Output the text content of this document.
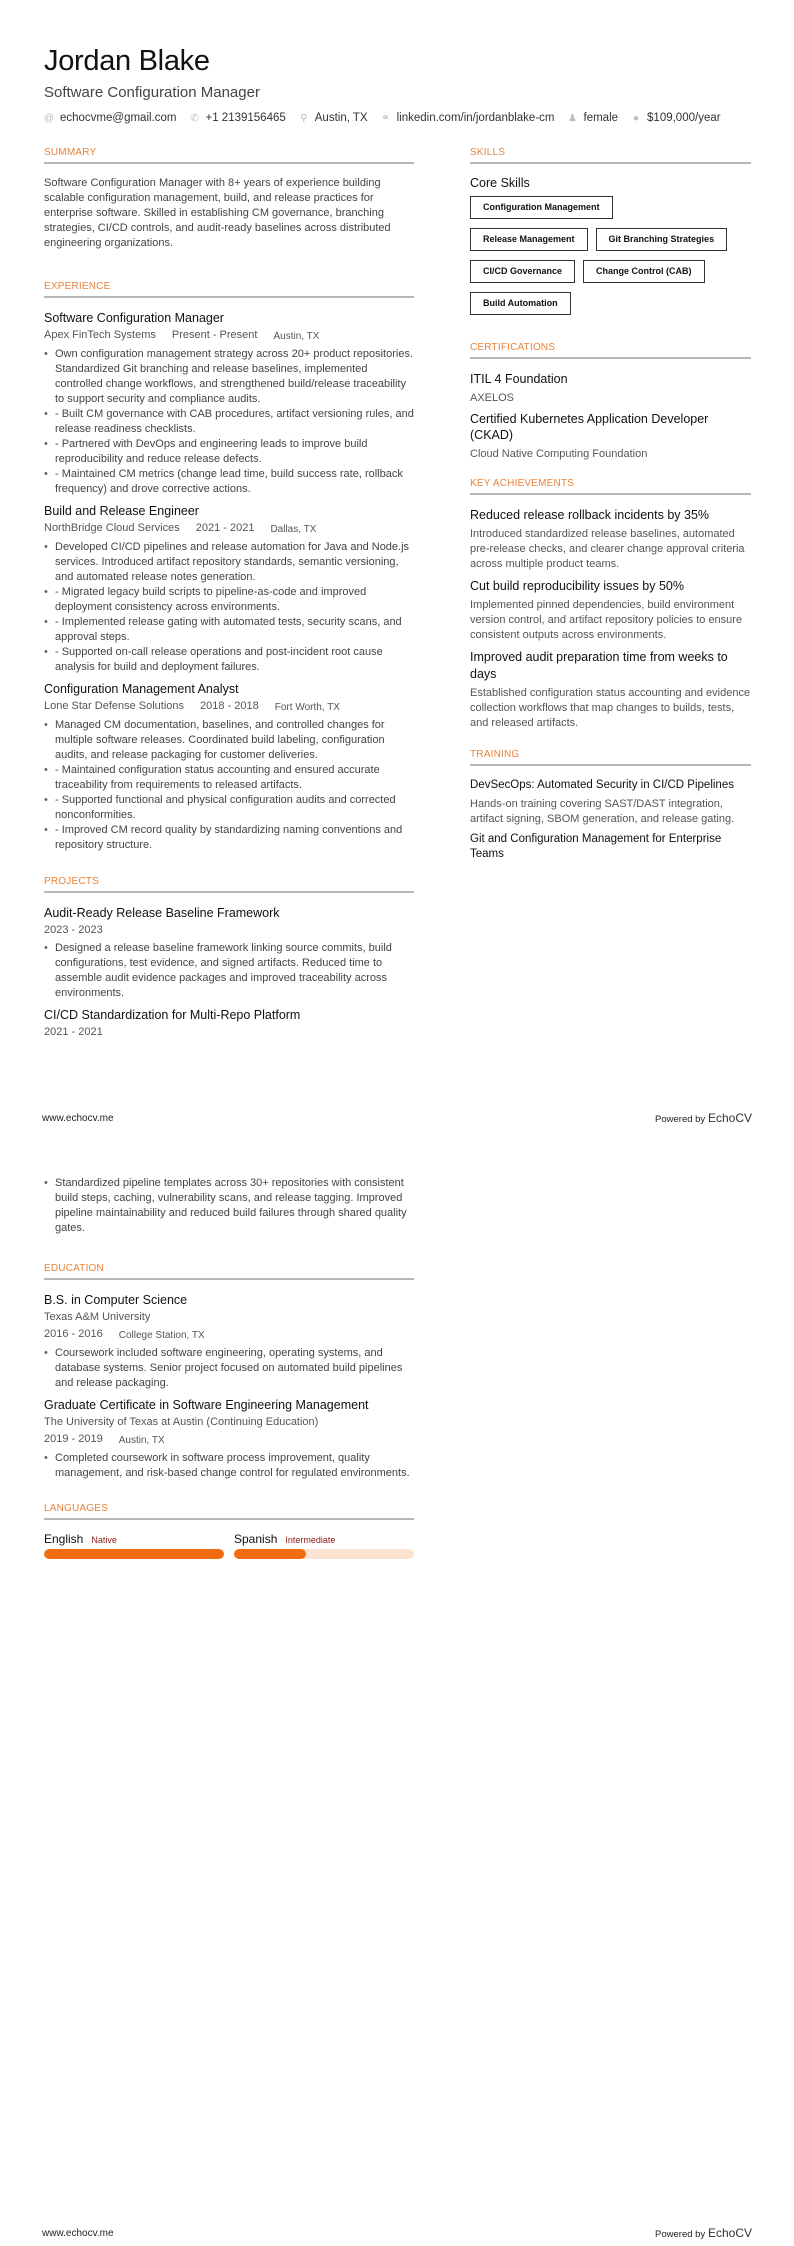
Jordan Blake
Software Configuration Manager
@ echocvme@gmail.com ✆ +1 2139156465 ⚲ Austin, TX ⚭ linkedin.com/in/jordanblake-cm ♟ female ● $109,000/year
SUMMARY
Software Configuration Manager with 8+ years of experience building scalable configuration management, build, and release practices for enterprise software. Skilled in establishing CM governance, branching strategies, CI/CD controls, and audit-ready baselines across distributed engineering organizations.
EXPERIENCE
Software Configuration Manager
Apex FinTech Systems Present - Present Austin, TX
• Own configuration management strategy across 20+ product repositories. Standardized Git branching and release baselines, implemented controlled change workflows, and strengthened build/release traceability to support security and compliance audits.
• - Built CM governance with CAB procedures, artifact versioning rules, and release readiness checklists.
• - Partnered with DevOps and engineering leads to improve build reproducibility and reduce release defects.
• - Maintained CM metrics (change lead time, build success rate, rollback frequency) and drove corrective actions.
Build and Release Engineer
NorthBridge Cloud Services 2021 - 2021 Dallas, TX
• Developed CI/CD pipelines and release automation for Java and Node.js services. Introduced artifact repository standards, semantic versioning, and automated release notes generation.
• - Migrated legacy build scripts to pipeline-as-code and improved deployment consistency across environments.
• - Implemented release gating with automated tests, security scans, and approval steps.
• - Supported on-call release operations and post-incident root cause analysis for build and deployment failures.
Configuration Management Analyst
Lone Star Defense Solutions 2018 - 2018 Fort Worth, TX
• Managed CM documentation, baselines, and controlled changes for multiple software releases. Coordinated build labeling, configuration audits, and release packaging for customer deliveries.
• - Maintained configuration status accounting and ensured accurate traceability from requirements to released artifacts.
• - Supported functional and physical configuration audits and corrected nonconformities.
• - Improved CM record quality by standardizing naming conventions and repository structure.
PROJECTS
Audit-Ready Release Baseline Framework
2023 - 2023
• Designed a release baseline framework linking source commits, build configurations, test evidence, and signed artifacts. Reduced time to assemble audit evidence packages and improved traceability across environments.
CI/CD Standardization for Multi-Repo Platform
2021 - 2021
SKILLS
Core Skills
Configuration Management
Release Management	Git Branching Strategies
CI/CD Governance	Change Control (CAB)
Build Automation
CERTIFICATIONS
ITIL 4 Foundation
AXELOS
Certified Kubernetes Application Developer (CKAD)
Cloud Native Computing Foundation
KEY ACHIEVEMENTS
Reduced release rollback incidents by 35%
Introduced standardized release baselines, automated pre-release checks, and clearer change approval criteria across multiple product teams.
Cut build reproducibility issues by 50%
Implemented pinned dependencies, build environment version control, and artifact repository policies to ensure consistent outputs across environments.
Improved audit preparation time from weeks to days
Established configuration status accounting and evidence collection workflows that map changes to builds, tests, and released artifacts.
TRAINING
DevSecOps: Automated Security in CI/CD Pipelines
Hands-on training covering SAST/DAST integration, artifact signing, SBOM generation, and release gating.
Git and Configuration Management for Enterprise Teams
www.echocv.me	Powered by EchoCV
• Standardized pipeline templates across 30+ repositories with consistent build steps, caching, vulnerability scans, and release tagging. Improved pipeline maintainability and reduced build failures through shared quality gates.
EDUCATION
B.S. in Computer Science
Texas A&M University
2016 - 2016 College Station, TX
• Coursework included software engineering, operating systems, and database systems. Senior project focused on automated build pipelines and release packaging.
Graduate Certificate in Software Engineering Management
The University of Texas at Austin (Continuing Education)
2019 - 2019 Austin, TX
• Completed coursework in software process improvement, quality management, and risk-based change control for regulated environments.
LANGUAGES
English Native	Spanish Intermediate
www.echocv.me	Powered by EchoCV
